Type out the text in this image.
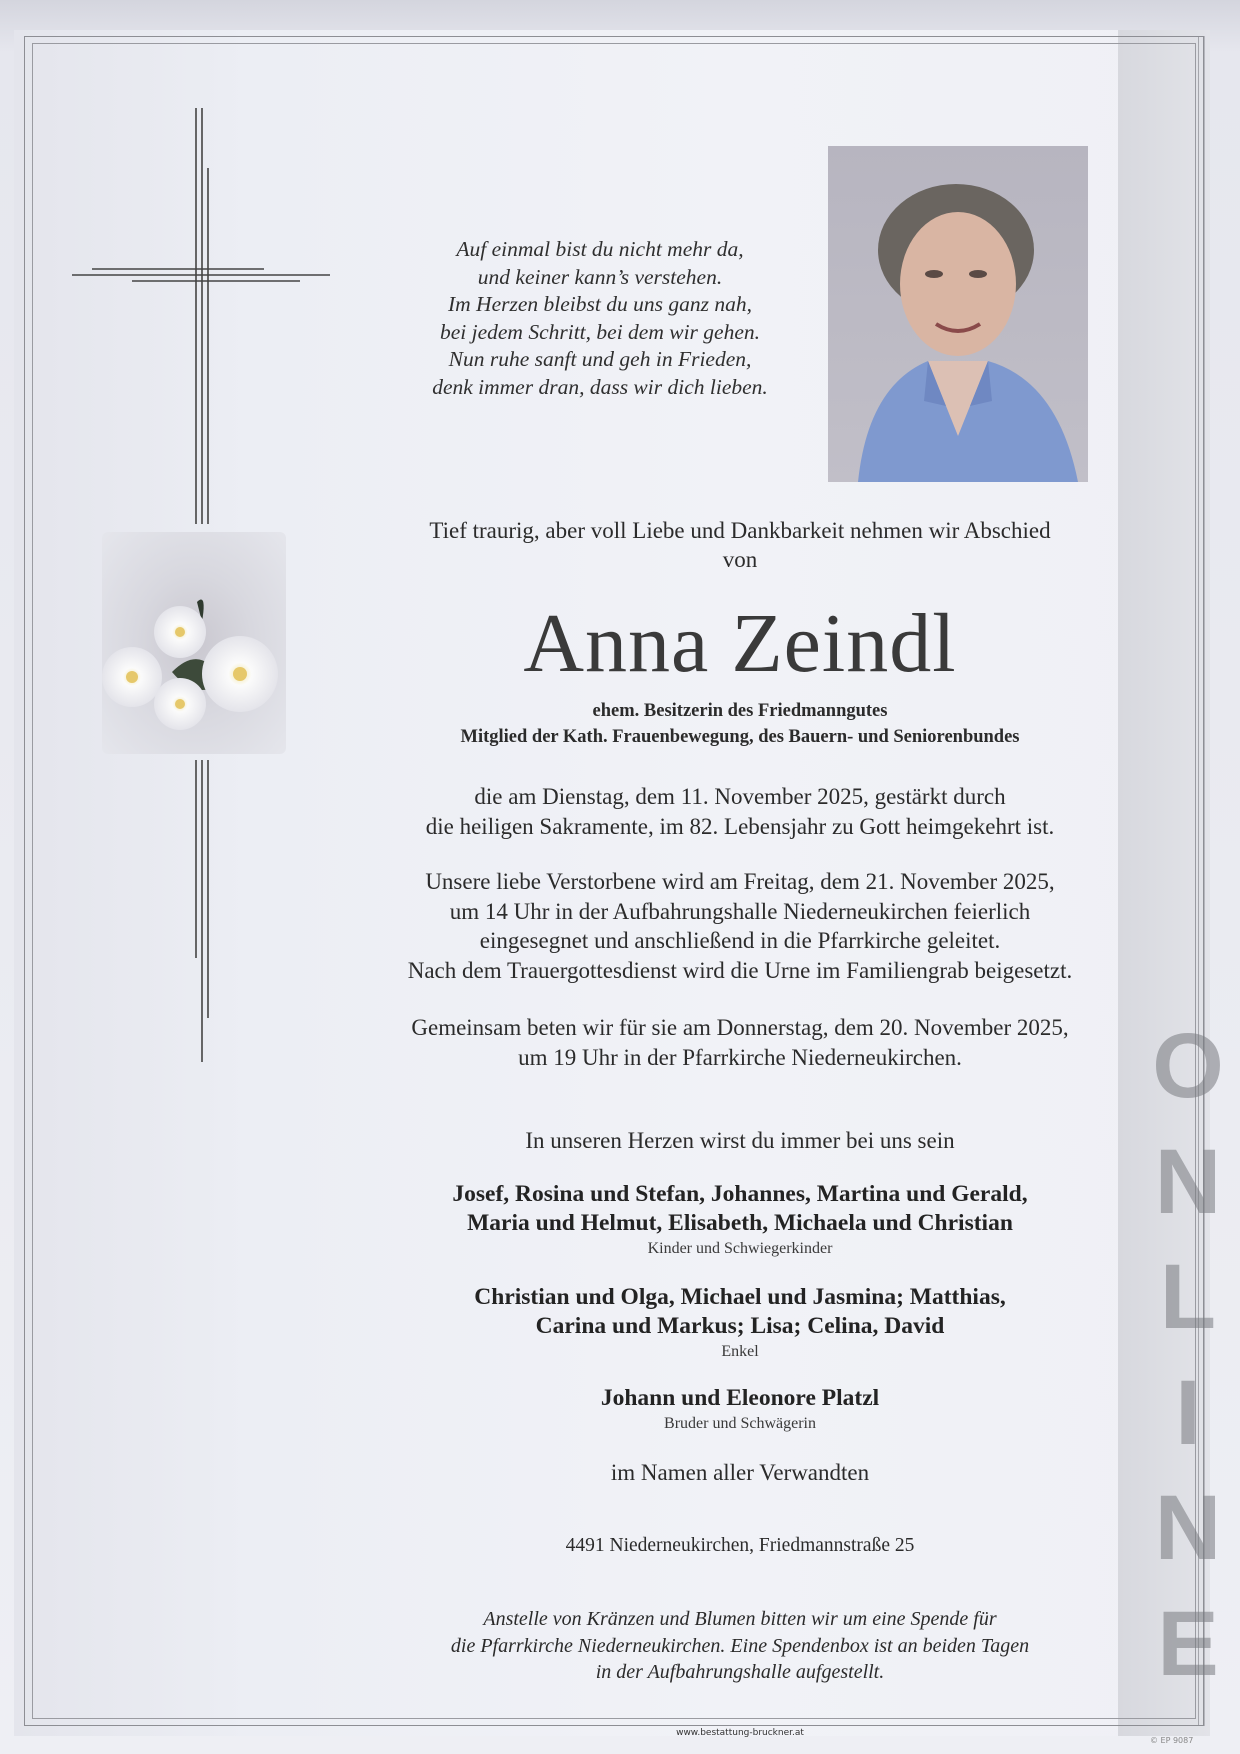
Auf einmal bist du nicht mehr da,
und keiner kann’s verstehen.
Im Herzen bleibst du uns ganz nah,
bei jedem Schritt, bei dem wir gehen.
Nun ruhe sanft und geh in Frieden,
denk immer dran, dass wir dich lieben.
Tief traurig, aber voll Liebe und Dankbarkeit nehmen wir Abschied
von
Anna Zeindl
ehem. Besitzerin des Friedmanngutes
Mitglied der Kath. Frauenbewegung, des Bauern- und Seniorenbundes
die am Dienstag, dem 11. November 2025, gestärkt durch
die heiligen Sakramente, im 82. Lebensjahr zu Gott heimgekehrt ist.
Unsere liebe Verstorbene wird am Freitag, dem 21. November 2025,
um 14 Uhr in der Aufbahrungshalle Niederneukirchen feierlich
eingesegnet und anschließend in die Pfarrkirche geleitet.
Nach dem Trauergottesdienst wird die Urne im Familiengrab beigesetzt.
Gemeinsam beten wir für sie am Donnerstag, dem 20. November 2025,
um 19 Uhr in der Pfarrkirche Niederneukirchen.
In unseren Herzen wirst du immer bei uns sein
Josef, Rosina und Stefan, Johannes, Martina und Gerald,
Maria und Helmut, Elisabeth, Michaela und Christian
Kinder und Schwiegerkinder
Christian und Olga, Michael und Jasmina; Matthias,
Carina und Markus; Lisa; Celina, David
Enkel
Johann und Eleonore Platzl
Bruder und Schwägerin
im Namen aller Verwandten
4491 Niederneukirchen, Friedmannstraße 25
Anstelle von Kränzen und Blumen bitten wir um eine Spende für
die Pfarrkirche Niederneukirchen. Eine Spendenbox ist an beiden Tagen
in der Aufbahrungshalle aufgestellt.
O
N
L
I
N
E
www.bestattung-bruckner.at
© EP 9087
